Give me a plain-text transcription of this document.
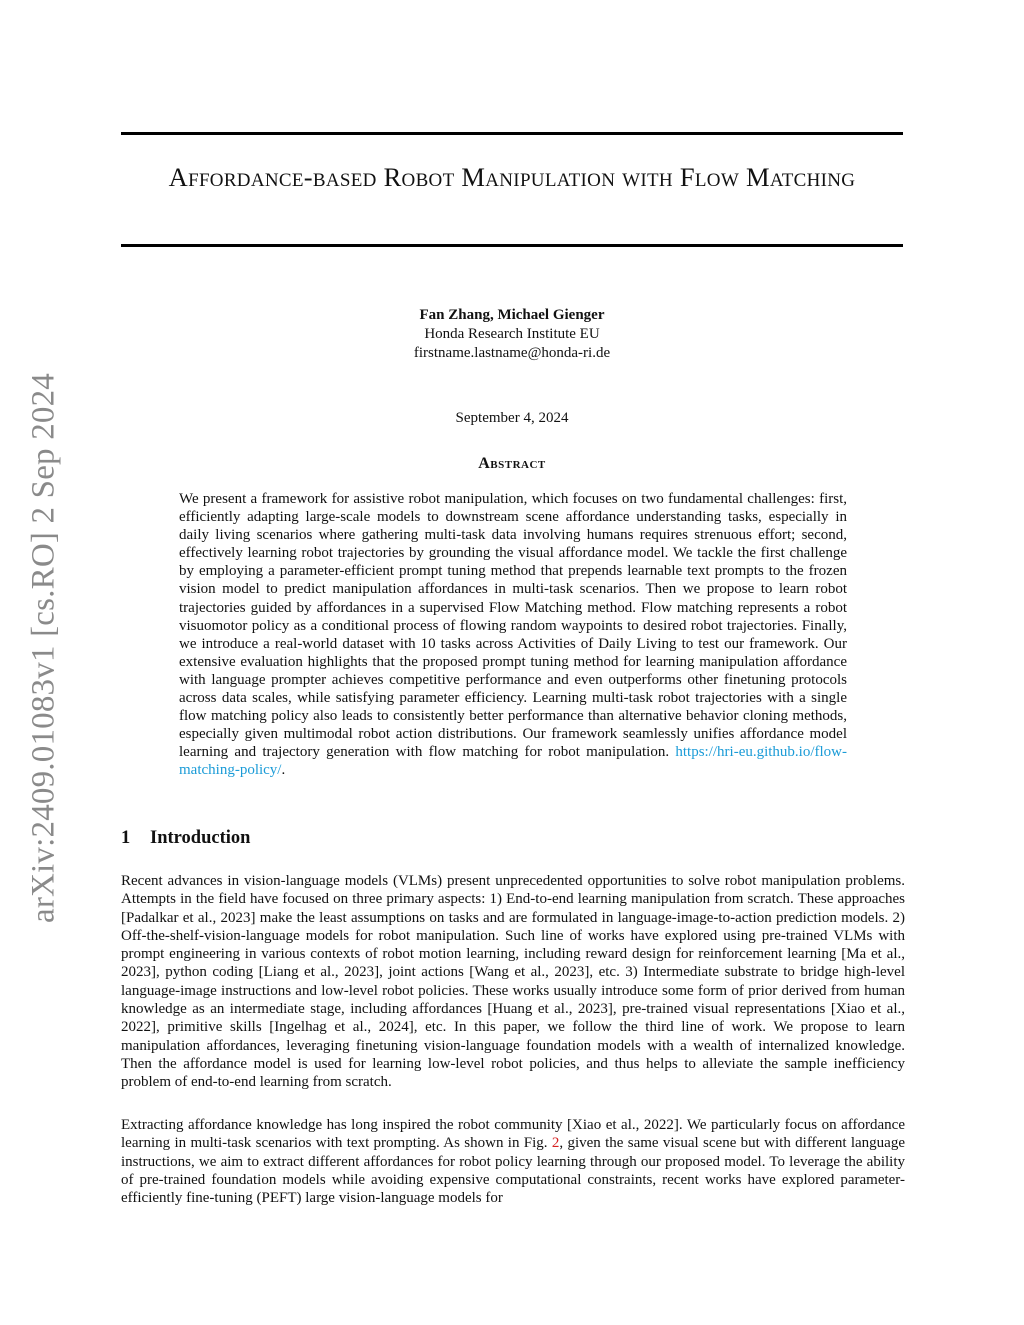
arXiv:2409.01083v1 [cs.RO] 2 Sep 2024
Affordance-based Robot Manipulation with Flow Matching
Fan Zhang, Michael Gienger
Honda Research Institute EU
firstname.lastname@honda-ri.de
September 4, 2024
Abstract

We present a framework for assistive robot manipulation, which focuses on two fundamental challenges: first, efficiently adapting large-scale models to downstream scene affordance understanding tasks, especially in daily living scenarios where gathering multi-task data involving humans requires strenuous effort; second, effectively learning robot trajectories by grounding the visual affordance model. We tackle the first challenge by employing a parameter-efficient prompt tuning method that prepends learnable text prompts to the frozen vision model to predict manipulation affordances in multi-task scenarios. Then we propose to learn robot trajectories guided by affordances in a supervised Flow Matching method. Flow matching represents a robot visuomotor policy as a conditional process of flowing random waypoints to desired robot trajectories. Finally, we introduce a real-world dataset with 10 tasks across Activities of Daily Living to test our framework. Our extensive evaluation highlights that the proposed prompt tuning method for learning manipulation affordance with language prompter achieves competitive performance and even outperforms other finetuning protocols across data scales, while satisfying parameter efficiency. Learning multi-task robot trajectories with a single flow matching policy also leads to consistently better performance than alternative behavior cloning methods, especially given multimodal robot action distributions. Our framework seamlessly unifies affordance model learning and trajectory generation with flow matching for robot manipulation. https://hri-eu.github.io/flow-matching-policy/.

1 Introduction

Recent advances in vision-language models (VLMs) present unprecedented opportunities to solve robot manipulation problems. Attempts in the field have focused on three primary aspects: 1) End-to-end learning manipulation from scratch. These approaches [Padalkar et al., 2023] make the least assumptions on tasks and are formulated in language-image-to-action prediction models. 2) Off-the-shelf-vision-language models for robot manipulation. Such line of works have explored using pre-trained VLMs with prompt engineering in various contexts of robot motion learning, including reward design for reinforcement learning [Ma et al., 2023], python coding [Liang et al., 2023], joint actions [Wang et al., 2023], etc. 3) Intermediate substrate to bridge high-level language-image instructions and low-level robot policies. These works usually introduce some form of prior derived from human knowledge as an intermediate stage, including affordances [Huang et al., 2023], pre-trained visual representations [Xiao et al., 2022], primitive skills [Ingelhag et al., 2024], etc. In this paper, we follow the third line of work. We propose to learn manipulation affordances, leveraging finetuning vision-language foundation models with a wealth of internalized knowledge. Then the affordance model is used for learning low-level robot policies, and thus helps to alleviate the sample inefficiency problem of end-to-end learning from scratch.

Extracting affordance knowledge has long inspired the robot community [Xiao et al., 2022]. We particularly focus on affordance learning in multi-task scenarios with text prompting. As shown in Fig. 2, given the same visual scene but with different language instructions, we aim to extract different affordances for robot policy learning through our proposed model. To leverage the ability of pre-trained foundation models while avoiding expensive computational constraints, recent works have explored parameter-efficiently fine-tuning (PEFT) large vision-language models for
